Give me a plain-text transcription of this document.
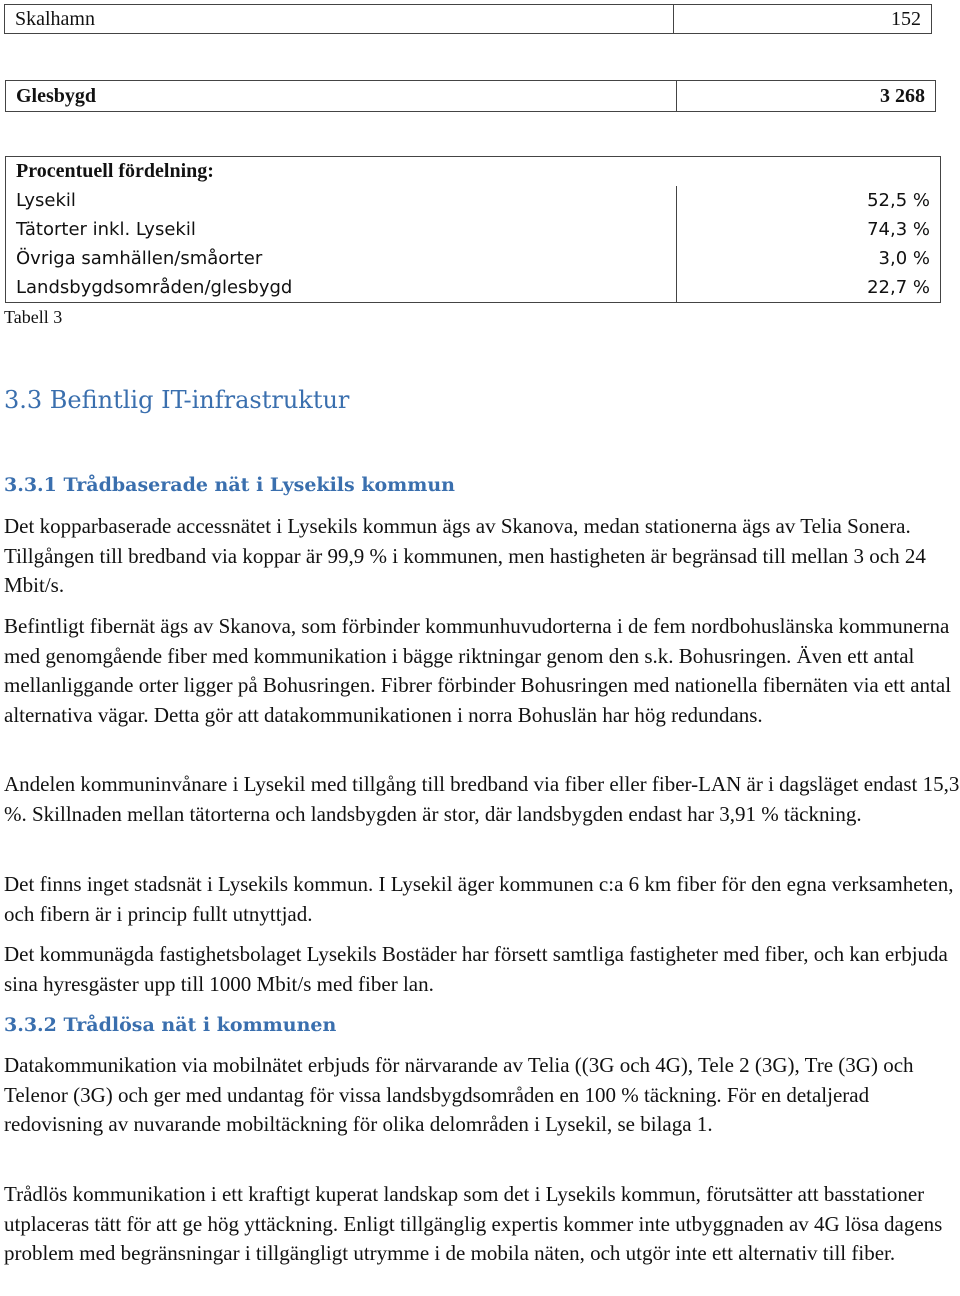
Skalhamn	152
Glesbygd	3 268
Procentuell fördelning:	
Lysekil	52,5 %
Tätorter inkl. Lysekil	74,3 %
Övriga samhällen/småorter	3,0 %
Landsbygdsområden/glesbygd	22,7 %
Tabell 3
3.3 Befintlig IT-infrastruktur
3.3.1 Trådbaserade nät i Lysekils kommun

Det kopparbaserade accessnätet i Lysekils kommun ägs av Skanova, medan stationerna ägs av Telia Sonera. Tillgången till bredband via koppar är 99,9 % i kommunen, men hastigheten är begränsad till mellan 3 och 24 Mbit/s.

Befintligt fibernät ägs av Skanova, som förbinder kommunhuvudorterna i de fem nordbohuslänska kommunerna med genomgående fiber med kommunikation i bägge riktningar genom den s.k. Bohusringen. Även ett antal mellanliggande orter ligger på Bohusringen. Fibrer förbinder Bohusringen med nationella fibernäten via ett antal alternativa vägar. Detta gör att datakommunikationen i norra Bohuslän har hög redundans.

Andelen kommuninvånare i Lysekil med tillgång till bredband via fiber eller fiber-LAN är i dagsläget endast 15,3 %. Skillnaden mellan tätorterna och landsbygden är stor, där landsbygden endast har 3,91 % täckning.

Det finns inget stadsnät i Lysekils kommun. I Lysekil äger kommunen c:a 6 km fiber för den egna verksamheten, och fibern är i princip fullt utnyttjad.

Det kommunägda fastighetsbolaget Lysekils Bostäder har försett samtliga fastigheter med fiber, och kan erbjuda sina hyresgäster upp till 1000 Mbit/s med fiber lan.

3.3.2 Trådlösa nät i kommunen

Datakommunikation via mobilnätet erbjuds för närvarande av Telia ((3G och 4G), Tele 2 (3G), Tre (3G) och Telenor (3G) och ger med undantag för vissa landsbygdsområden en 100 % täckning. För en detaljerad redovisning av nuvarande mobiltäckning för olika delområden i Lysekil, se bilaga 1.

Trådlös kommunikation i ett kraftigt kuperat landskap som det i Lysekils kommun, förutsätter att basstationer utplaceras tätt för att ge hög yttäckning. Enligt tillgänglig expertis kommer inte utbyggnaden av 4G lösa dagens problem med begränsningar i tillgängligt utrymme i de mobila näten, och utgör inte ett alternativ till fiber.
